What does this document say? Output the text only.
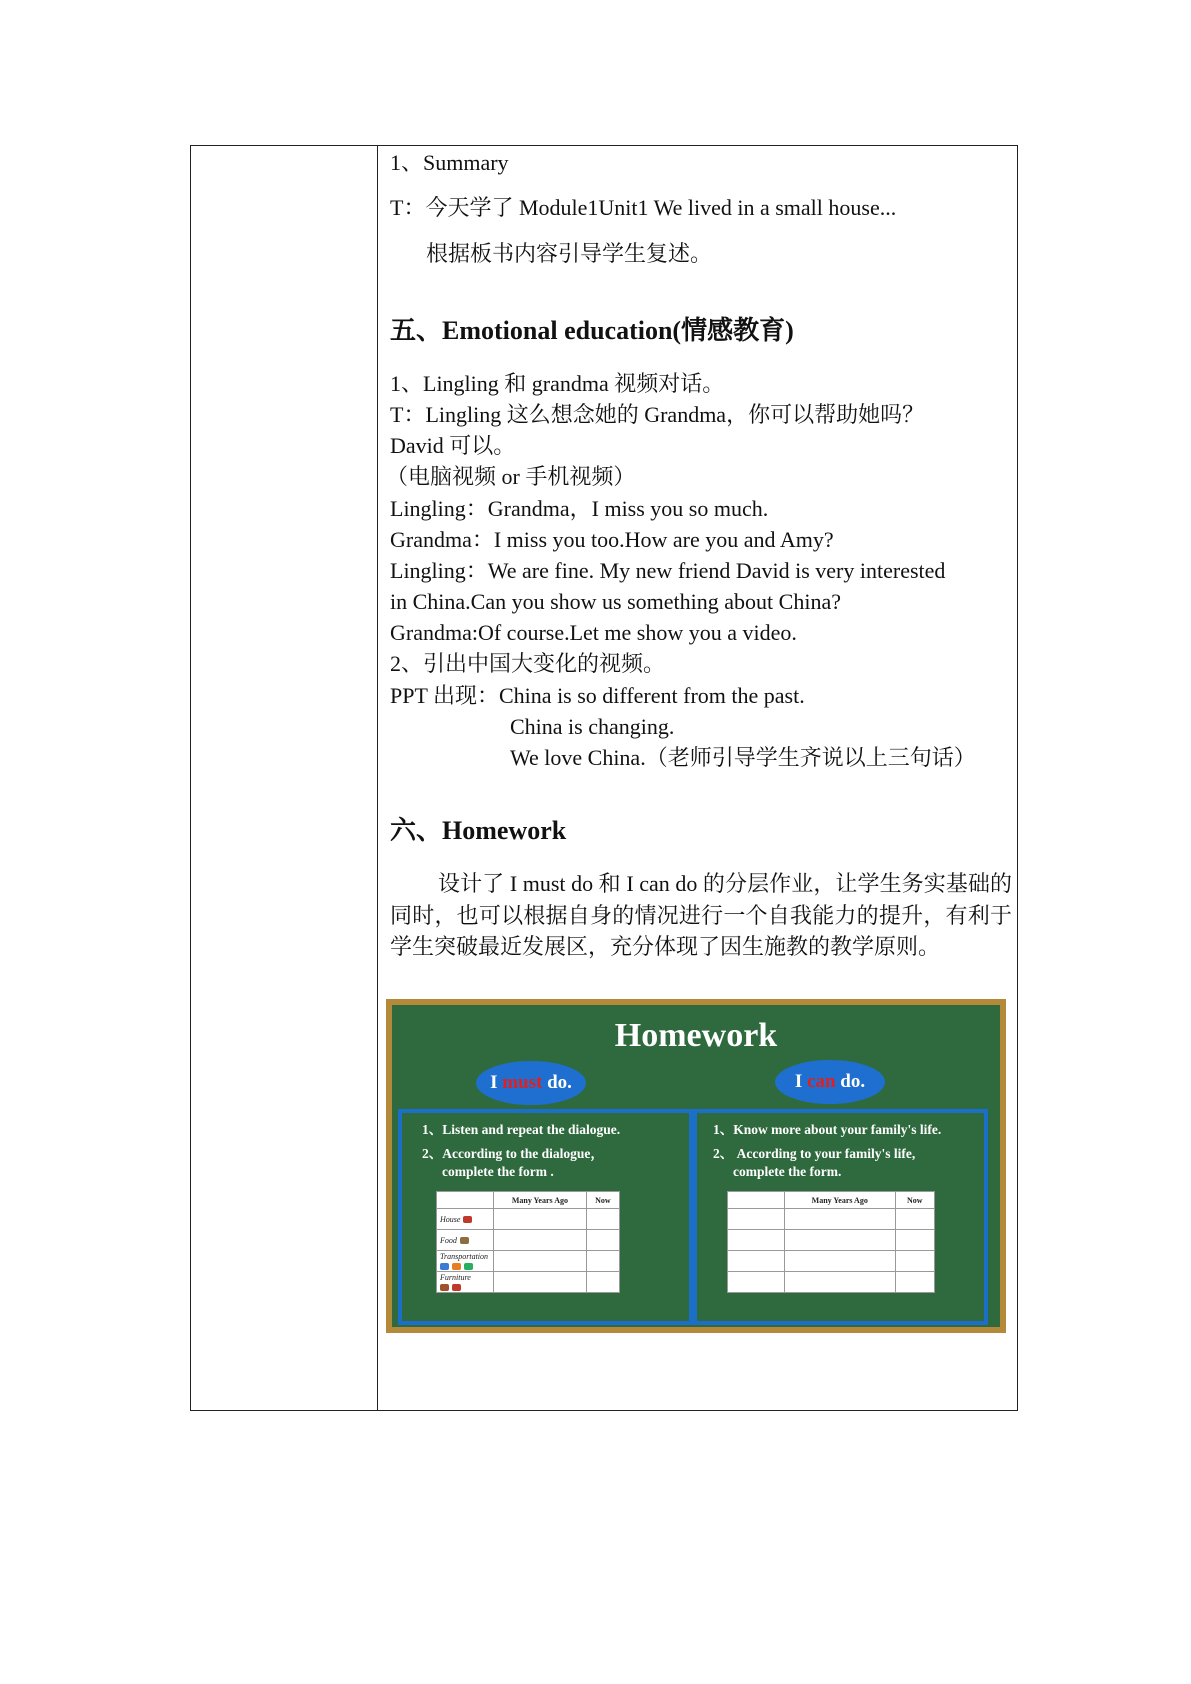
1、Summary
T：今天学了 Module1Unit1 We lived in a small house...
根据板书内容引导学生复述。
五、Emotional education(情感教育)
1、Lingling 和 grandma 视频对话。
T：Lingling 这么想念她的 Grandma，你可以帮助她吗？
David 可以。
（电脑视频 or 手机视频）
Lingling：Grandma，I miss you so much.
Grandma：I miss you too.How are you and Amy?
Lingling：We are fine. My new friend David is very interested
in China.Can you show us something about China?
Grandma:Of course.Let me show you a video.
2、引出中国大变化的视频。
PPT 出现：China is so different from the past.
China is changing.
We love China.（老师引导学生齐说以上三句话）
六、Homework
设计了 I must do 和 I can do 的分层作业，让学生务实基础的同时，也可以根据自身的情况进行一个自我能力的提升，有利于学生突破最近发展区，充分体现了因生施教的教学原则。
Homework
I must do.	I can do.
1、Listen and repeat the dialogue.
2、According to the dialogue，
complete the form .
	Many Years Ago	Now
House		
Food		
Transportation

Furniture

1、Know more about your family's life.
2、 According to your family's life,
complete the form.
	Many Years Ago	Now
